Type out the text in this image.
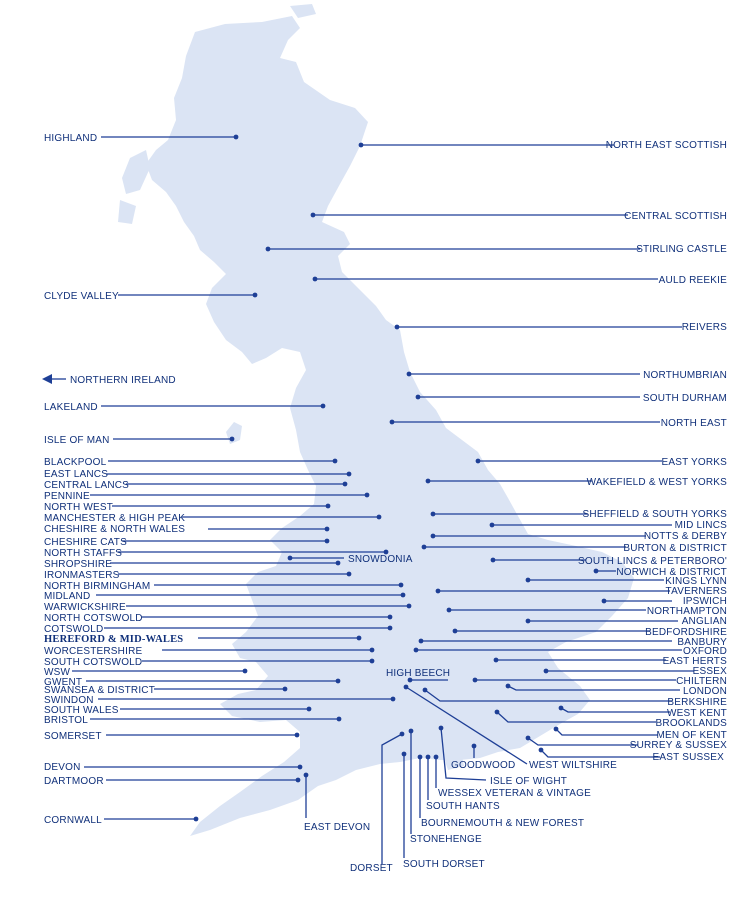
HIGHLAND
CLYDE VALLEY
NORTHERN IRELAND
LAKELAND
ISLE OF MAN
BLACKPOOL
EAST LANCS
CENTRAL LANCS
PENNINE
NORTH WEST
MANCHESTER & HIGH PEAK
CHESHIRE & NORTH WALES
CHESHIRE CATS
NORTH STAFFS
SHROPSHIRE	SNOWDONIA
IRONMASTERS
NORTH BIRMINGHAM
MIDLAND
WARWICKSHIRE
NORTH COTSWOLD
COTSWOLD
HEREFORD & MID-WALES
WORCESTERSHIRE
SOUTH COTSWOLD
WSW
GWENT
SWANSEA & DISTRICT
SWINDON
SOUTH WALES
BRISTOL
SOMERSET
DEVON
DARTMOOR
CORNWALL
EAST DEVON
DORSET SOUTH DORSET
STONEHENGE
BOURNEMOUTH & NEW FOREST
SOUTH HANTS
WESSEX VETERAN & VINTAGE
ISLE OF WIGHT
GOODWOOD
HIGH BEECH
WEST WILTSHIRE
NORTH EAST SCOTTISH
CENTRAL SCOTTISH
STIRLING CASTLE
AULD REEKIE
REIVERS
NORTHUMBRIAN
SOUTH DURHAM
NORTH EAST
EAST YORKS
WAKEFIELD & WEST YORKS
SHEFFIELD & SOUTH YORKS
MID LINCS
NOTTS & DERBY
BURTON & DISTRICT
SOUTH LINCS & PETERBORO'
NORWICH & DISTRICT
KINGS LYNN
TAVERNERS
IPSWICH
NORTHAMPTON
ANGLIAN
BEDFORDSHIRE
BANBURY
OXFORD
EAST HERTS
ESSEX
CHILTERN
LONDON
BERKSHIRE
WEST KENT
BROOKLANDS
MEN OF KENT
SURREY & SUSSEX
EAST SUSSEX
